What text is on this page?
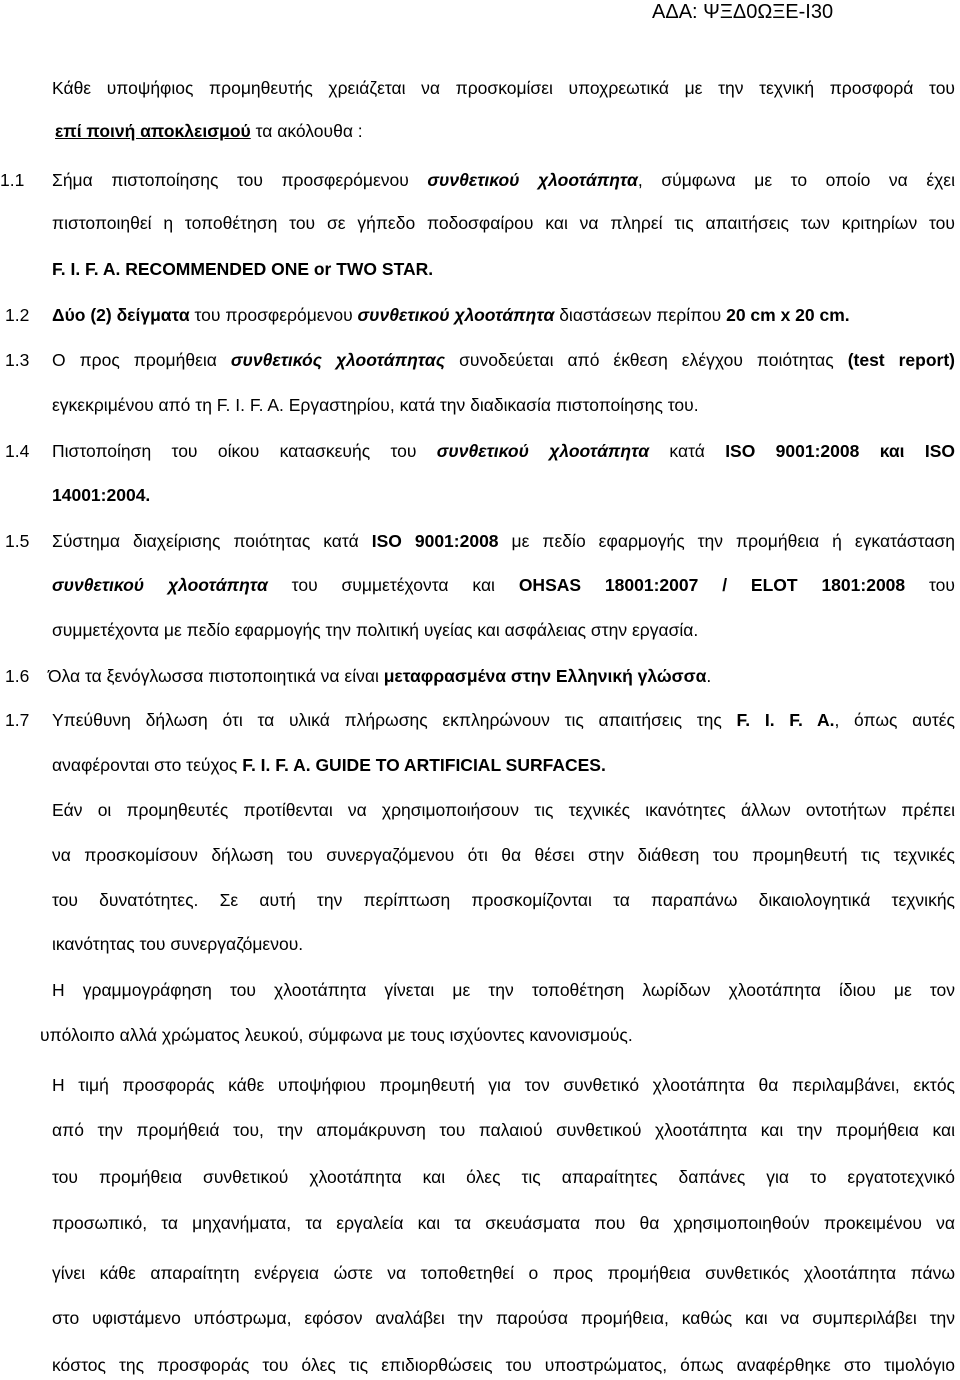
ΑΔΑ: ΨΞΔ0ΩΞΕ-Ι30
Κάθε υποψήφιος προμηθευτής χρειάζεται να προσκομίσει υποχρεωτικά με την τεχνική προσφορά του
επί ποινή αποκλεισμού τα ακόλουθα :
1.1 Σήμα πιστοποίησης του προσφερόμενου συνθετικού χλοοτάπητα, σύμφωνα με το οποίο να έχει
πιστοποιηθεί η τοποθέτηση του σε γήπεδο ποδοσφαίρου και να πληρεί τις απαιτήσεις των κριτηρίων του
F. I. F. A. RECOMMENDED ONE or TWO STAR.
1.2 Δύο (2) δείγματα του προσφερόμενου συνθετικού χλοοτάπητα διαστάσεων περίπου 20 cm x 20 cm.
1.3 Ο προς προμήθεια συνθετικός χλοοτάπητας συνοδεύεται από έκθεση ελέγχου ποιότητας (test report)
εγκεκριμένου από τη F. I. F. A. Εργαστηρίου, κατά την διαδικασία πιστοποίησης του.
1.4 Πιστοποίηση του οίκου κατασκευής του συνθετικού χλοοτάπητα κατά ISO 9001:2008 και ISO
14001:2004.
1.5 Σύστημα διαχείρισης ποιότητας κατά ISO 9001:2008 με πεδίο εφαρμογής την προμήθεια ή εγκατάσταση
συνθετικού χλοοτάπητα του συμμετέχοντα και OHSAS 18001:2007 / ELOT 1801:2008 του
συμμετέχοντα με πεδίο εφαρμογής την πολιτική υγείας και ασφάλειας στην εργασία.
1.6 Όλα τα ξενόγλωσσα πιστοποιητικά να είναι μεταφρασμένα στην Ελληνική γλώσσα.
1.7 Υπεύθυνη δήλωση ότι τα υλικά πλήρωσης εκπληρώνουν τις απαιτήσεις της F. I. F. A., όπως αυτές
αναφέρονται στο τεύχος F. I. F. A. GUIDE TO ARTIFICIAL SURFACES.
Εάν οι προμηθευτές προτίθενται να χρησιμοποιήσουν τις τεχνικές ικανότητες άλλων οντοτήτων πρέπει
να προσκομίσουν δήλωση του συνεργαζόμενου ότι θα θέσει στην διάθεση του προμηθευτή τις τεχνικές
του δυνατότητες. Σε αυτή την περίπτωση προσκομίζονται τα παραπάνω δικαιολογητικά τεχνικής
ικανότητας του συνεργαζόμενου.
Η γραμμογράφηση του χλοοτάπητα γίνεται με την τοποθέτηση λωρίδων χλοοτάπητα ίδιου με τον
υπόλοιπο αλλά χρώματος λευκού, σύμφωνα με τους ισχύοντες κανονισμούς.
Η τιμή προσφοράς κάθε υποψήφιου προμηθευτή για τον συνθετικό χλοοτάπητα θα περιλαμβάνει, εκτός
από την προμήθειά του, την απομάκρυνση του παλαιού συνθετικού χλοοτάπητα και την προμήθεια και
του προμήθεια συνθετικού χλοοτάπητα και όλες τις απαραίτητες δαπάνες για το εργατοτεχνικό
προσωπικό, τα μηχανήματα, τα εργαλεία και τα σκευάσματα που θα χρησιμοποιηθούν προκειμένου να
γίνει κάθε απαραίτητη ενέργεια ώστε να τοποθετηθεί ο προς προμήθεια συνθετικός χλοοτάπητα πάνω
στο υφιστάμενο υπόστρωμα, εφόσον αναλάβει την παρούσα προμήθεια, καθώς και να συμπεριλάβει την
κόστος της προσφοράς του όλες τις επιδιορθώσεις του υποστρώματος, όπως αναφέρθηκε στο τιμολόγιο
